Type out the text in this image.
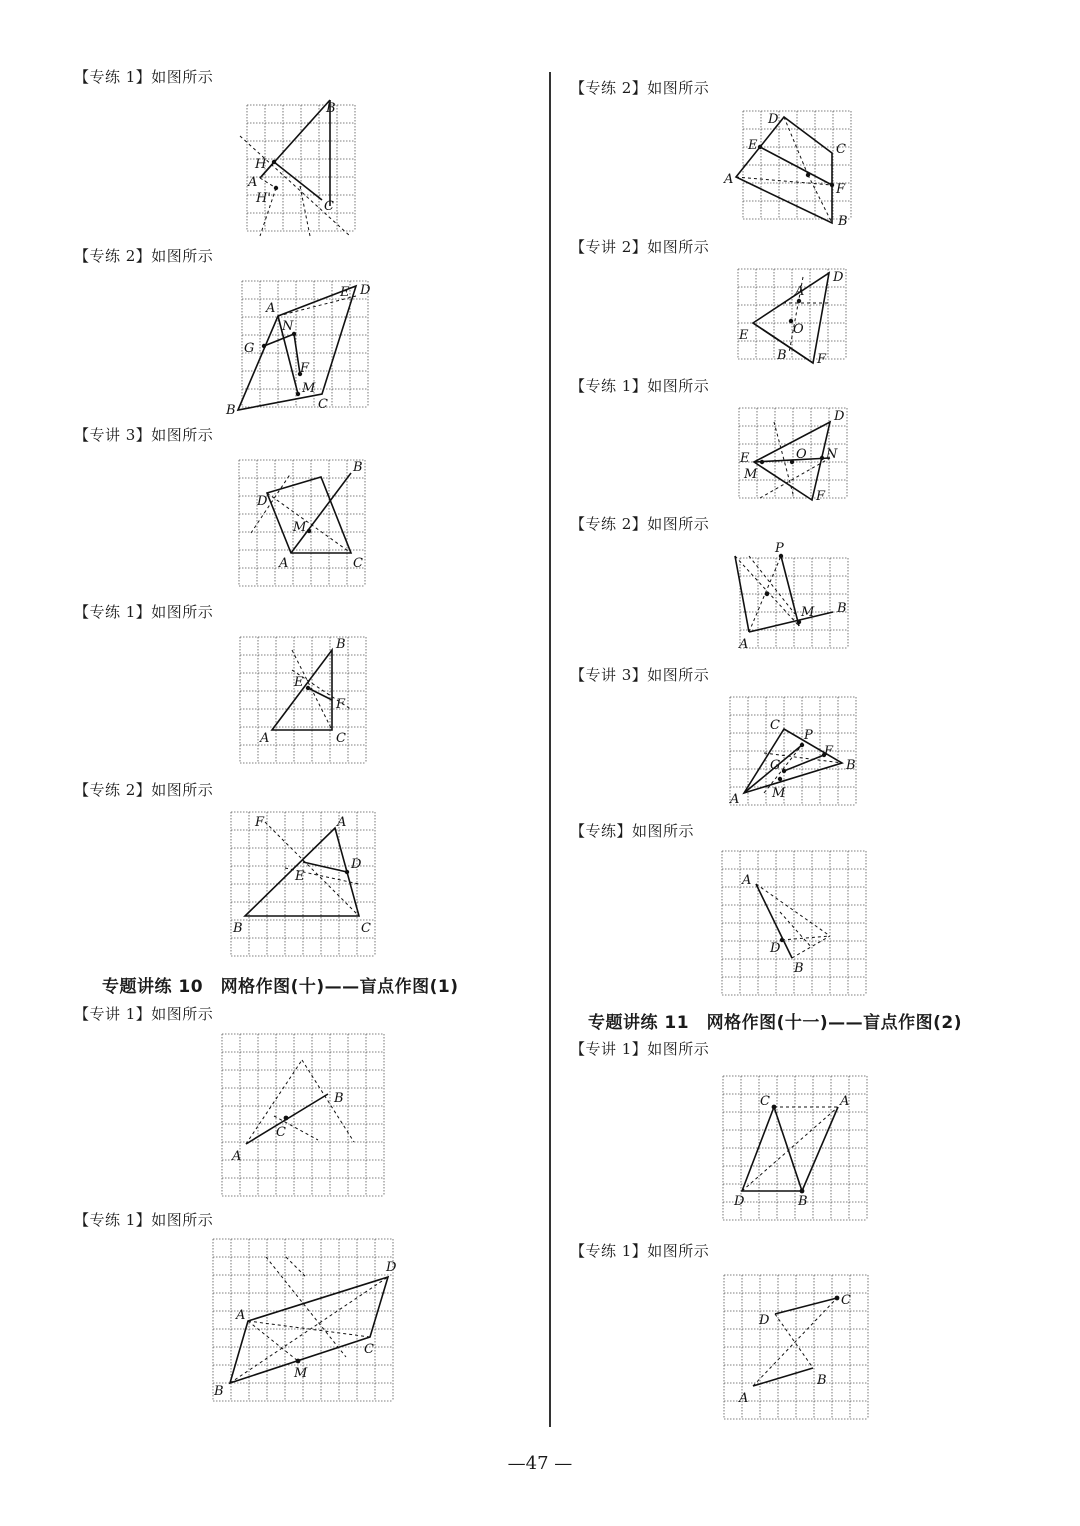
【专练 1】如图所示
【专练 2】如图所示
【专讲 3】如图所示
【专练 1】如图所示
【专练 2】如图所示
专题讲练 10　网格作图(十)——盲点作图(1)
【专讲 1】如图所示
【专练 1】如图所示
【专练 2】如图所示
【专讲 2】如图所示
【专练 1】如图所示
【专练 2】如图所示
【专讲 3】如图所示
【专练】如图所示
专题讲练 11　网格作图(十一)——盲点作图(2)
【专讲 1】如图所示
【专练 1】如图所示
—47 —
B
H
A
H'
C
A
E D
N
G
F
M
B	C
B
D
M
A	C
B
E
F
A	C
F	A
D
E
B	C
B
C
A
D
A
C
M
B
D
E	C
A
F
B
D
A
E	O
B F
D
E
M
O N
F
P
M B
A
C
P
F
G	B
M
A
A
D
B
C	A
D	B
C
D
B
A
